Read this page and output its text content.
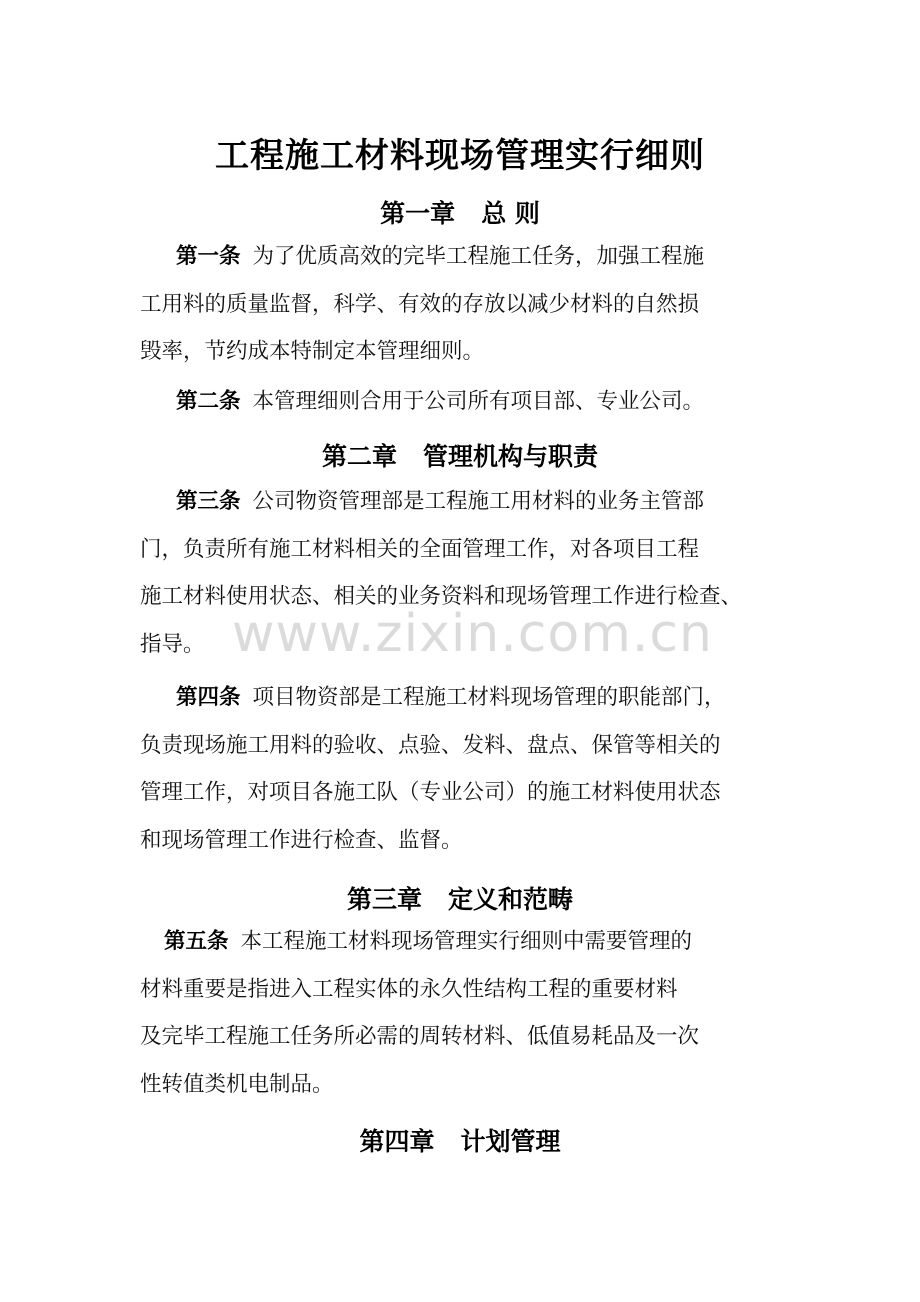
工程施工材料现场管理实行细则
第一章   总 则
第一条 为了优质高效的完毕工程施工任务，加强工程施
工用料的质量监督，科学、有效的存放以减少材料的自然损
毁率，节约成本特制定本管理细则。
第二条 本管理细则合用于公司所有项目部、专业公司。
第二章   管理机构与职责
第三条 公司物资管理部是工程施工用材料的业务主管部
门，负责所有施工材料相关的全面管理工作，对各项目工程
施工材料使用状态、相关的业务资料和现场管理工作进行检查、
指导。 www.zixin.com.cn
第四条 项目物资部是工程施工材料现场管理的职能部门，
负责现场施工用料的验收、点验、发料、盘点、保管等相关的
管理工作，对项目各施工队（专业公司）的施工材料使用状态
和现场管理工作进行检查、监督。
第三章   定义和范畴
第五条 本工程施工材料现场管理实行细则中需要管理的
材料重要是指进入工程实体的永久性结构工程的重要材料
及完毕工程施工任务所必需的周转材料、低值易耗品及一次
性转值类机电制品。
第四章   计划管理
